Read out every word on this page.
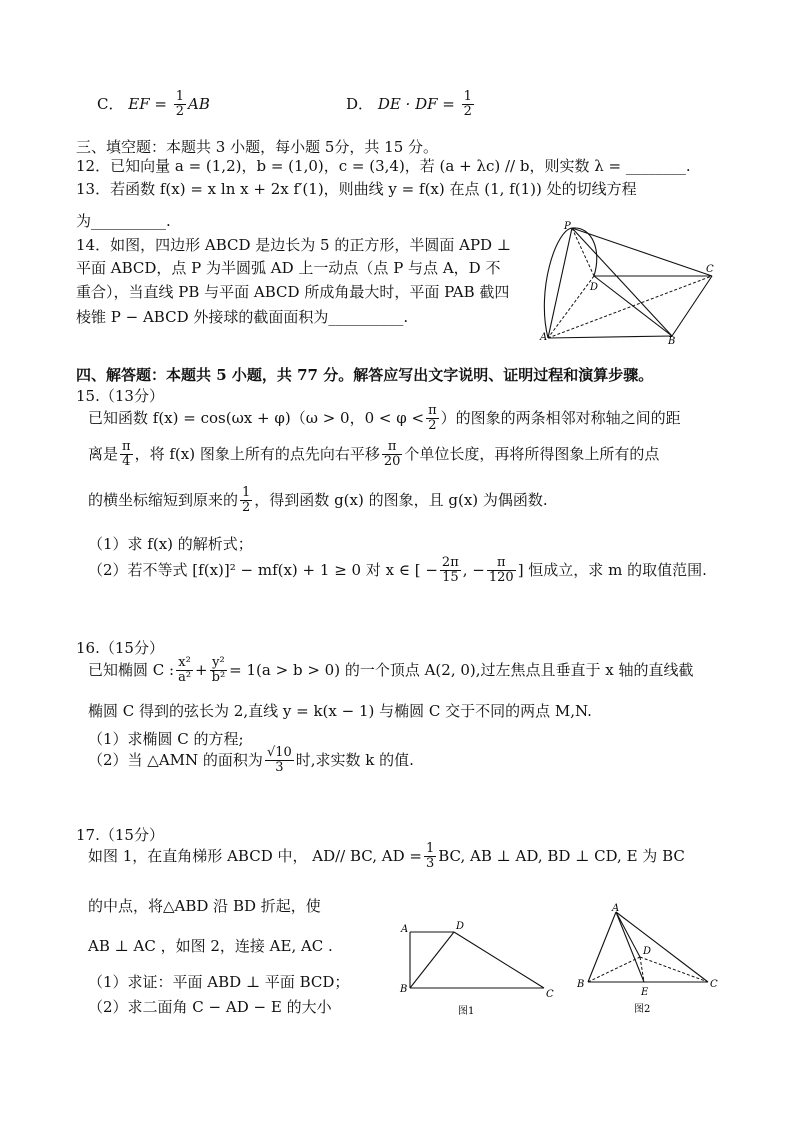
C． EF = $\frac{1}{2}$ AB	D． DE · DF = $\frac{1}{2}$
三、填空题：本题共 3 小题，每小题 5分，共 15 分。
12．已知向量 a = (1,2)，b = (1,0)，c = (3,4)，若 (a + λc) // b，则实数 λ = ________.
13．若函数 f(x) = x ln x + 2x f′(1)，则曲线 y = f(x) 在点 (1, f(1)) 处的切线方程
为__________.
14．如图，四边形 ABCD 是边长为 5 的正方形，半圆面 APD ⊥
平面 ABCD，点 P 为半圆弧 AD 上一动点（点 P 与点 A，D 不
重合），当直线 PB 与平面 ABCD 所成角最大时，平面 PAB 截四
棱锥 P − ABCD 外接球的截面面积为__________.
P
D
C
A	B
四、解答题：本题共 5 小题，共 77 分。解答应写出文字说明、证明过程和演算步骤。
15.（13分）
已知函数 f(x) = cos(ωx + φ)（ω > 0，$0 < \varphi < \frac{\pi}{2}$ ）的图象的两条相邻对称轴之间的距
离是 $\frac{\pi}{4}$ ，将 f(x) 图象上所有的点先向右平移 $\frac{\pi}{20}$ 个单位长度，再将所得图象上所有的点
的横坐标缩短到原来的 $\frac{1}{2}$ ，得到函数 g(x) 的图象，且 g(x) 为偶函数.
（1）求 f(x) 的解析式；
（2）若不等式 [f(x)]² − mf(x) + 1 ≥ 0 对 x ∈ [ − $\frac{2\pi}{15}$ , − $\frac{\pi}{120}$ ] 恒成立，求 m 的取值范围.
16.（15分）
已知椭圆 C : $\frac{\text{x²}}{\text{a²}} + \frac{\text{y²}}{\text{b²}} = 1(a > b > 0)$ 的一个顶点 A(2, 0),过左焦点且垂直于 x 轴的直线截
椭圆 C 得到的弦长为 2,直线 y = k(x − 1) 与椭圆 C 交于不同的两点 M,N.
（1）求椭圆 C 的方程;
（2）当 △AMN 的面积为 $\frac{√10}{3}$ 时,求实数 k 的值.
17.（15分）
如图 1，在直角梯形 ABCD 中， AD// BC, AD = $\frac{1}{3}$ BC, AB ⊥ AD, BD ⊥ CD, E 为 BC
的中点，将△ABD 沿 BD 折起，使
AB ⊥ AC ，如图 2，连接 AE, AC .
（1）求证：平面 ABD ⊥ 平面 BCD；
（2）求二面角 C − AD − E 的大小
A	D
B	C
图1
A
D
B
E
C
图2
